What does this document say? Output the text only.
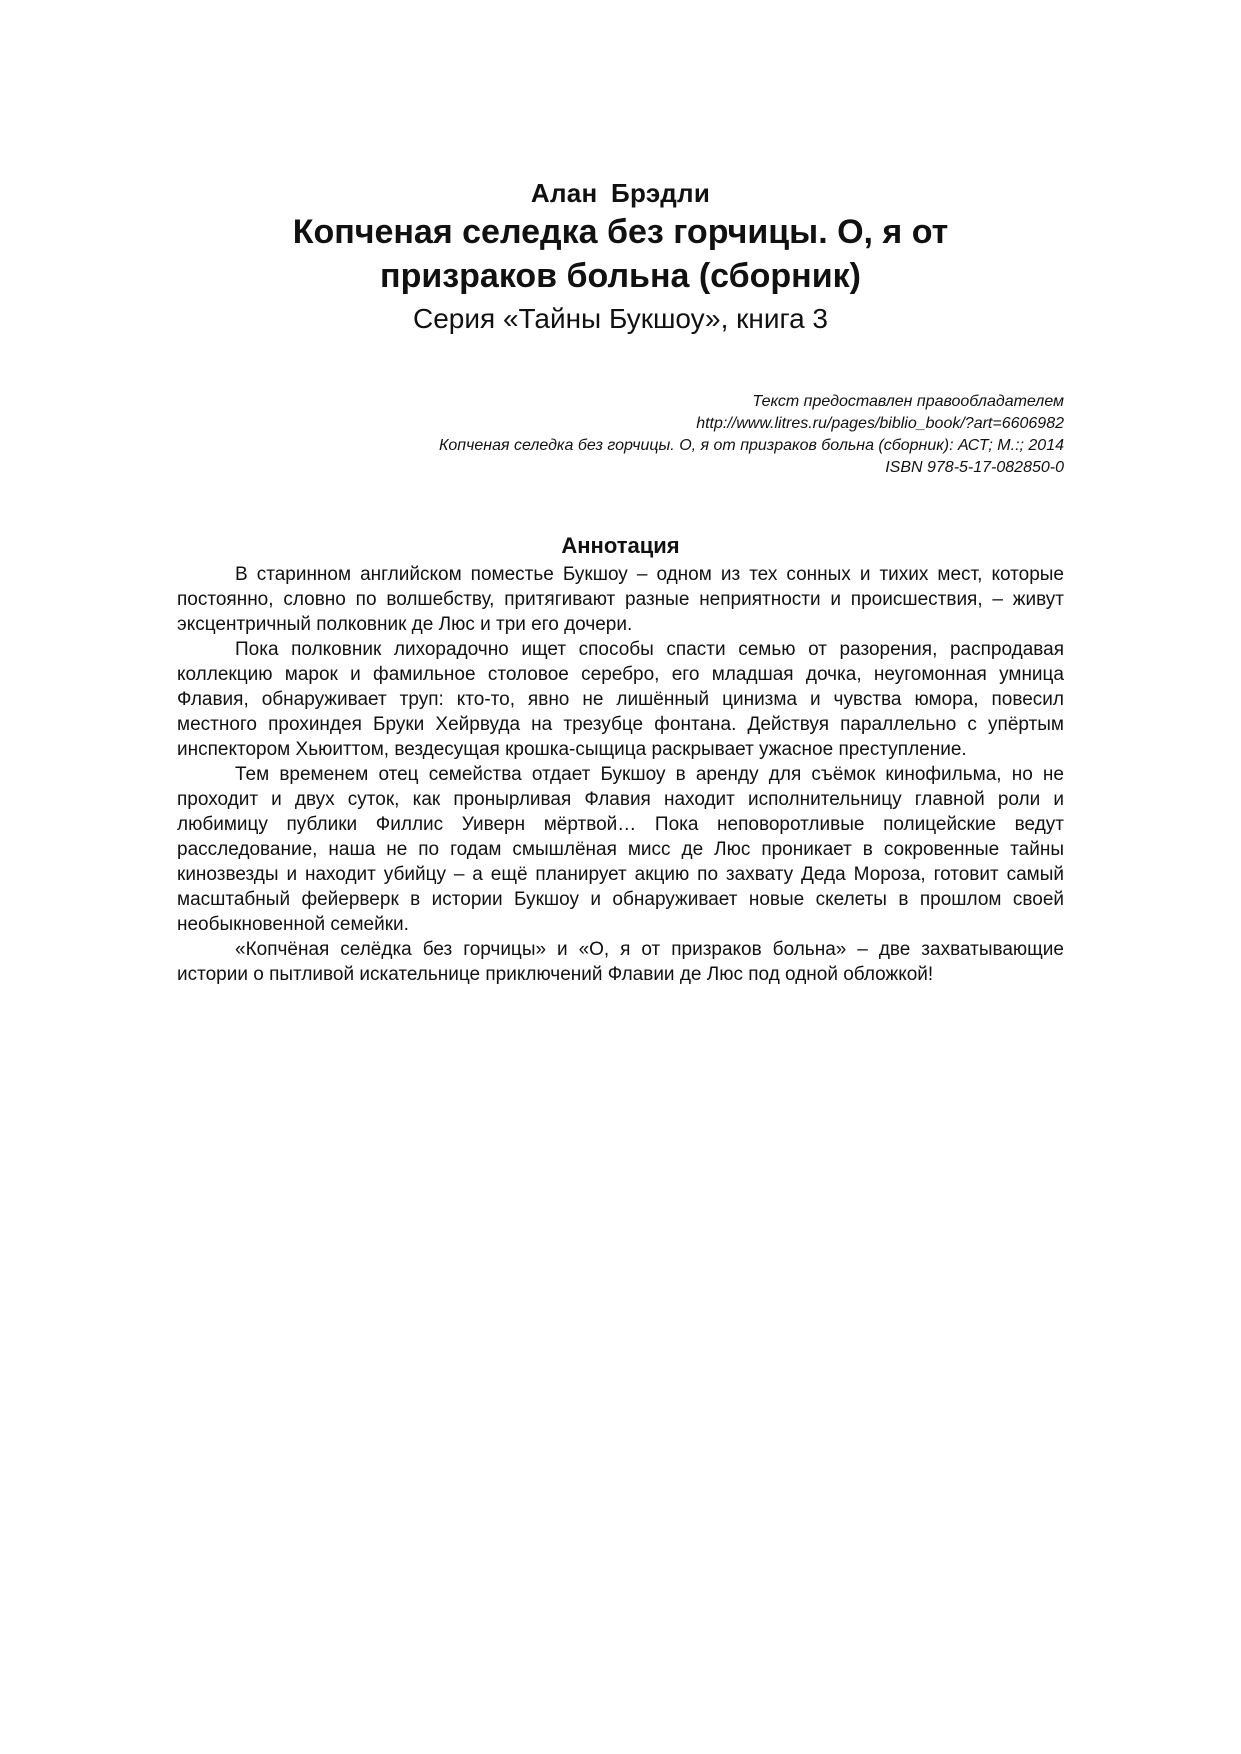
Алан Брэдли
Копченая селедка без горчицы. О, я от призраков больна (сборник)
Серия «Тайны Букшоу», книга 3
Текст предоставлен правообладателем
http://www.litres.ru/pages/biblio_book/?art=6606982
Копченая селедка без горчицы. О, я от призраков больна (сборник): АСТ; М.:; 2014
ISBN 978-5-17-082850-0
Аннотация

В старинном английском поместье Букшоу – одном из тех сонных и тихих мест, которые постоянно, словно по волшебству, притягивают разные неприятности и происшествия, – живут эксцентричный полковник де Люс и три его дочери.

Пока полковник лихорадочно ищет способы спасти семью от разорения, распродавая коллекцию марок и фамильное столовое серебро, его младшая дочка, неугомонная умница Флавия, обнаруживает труп: кто-то, явно не лишённый цинизма и чувства юмора, повесил местного прохиндея Бруки Хейрвуда на трезубце фонтана. Действуя параллельно с упёртым инспектором Хьюиттом, вездесущая крошка-сыщица раскрывает ужасное преступление.

Тем временем отец семейства отдает Букшоу в аренду для съёмок кинофильма, но не проходит и двух суток, как пронырливая Флавия находит исполнительницу главной роли и любимицу публики Филлис Уиверн мёртвой… Пока неповоротливые полицейские ведут расследование, наша не по годам смышлёная мисс де Люс проникает в сокровенные тайны кинозвезды и находит убийцу – а ещё планирует акцию по захвату Деда Мороза, готовит самый масштабный фейерверк в истории Букшоу и обнаруживает новые скелеты в прошлом своей необыкновенной семейки.

«Копчёная селёдка без горчицы» и «О, я от призраков больна» – две захватывающие истории о пытливой искательнице приключений Флавии де Люс под одной обложкой!
